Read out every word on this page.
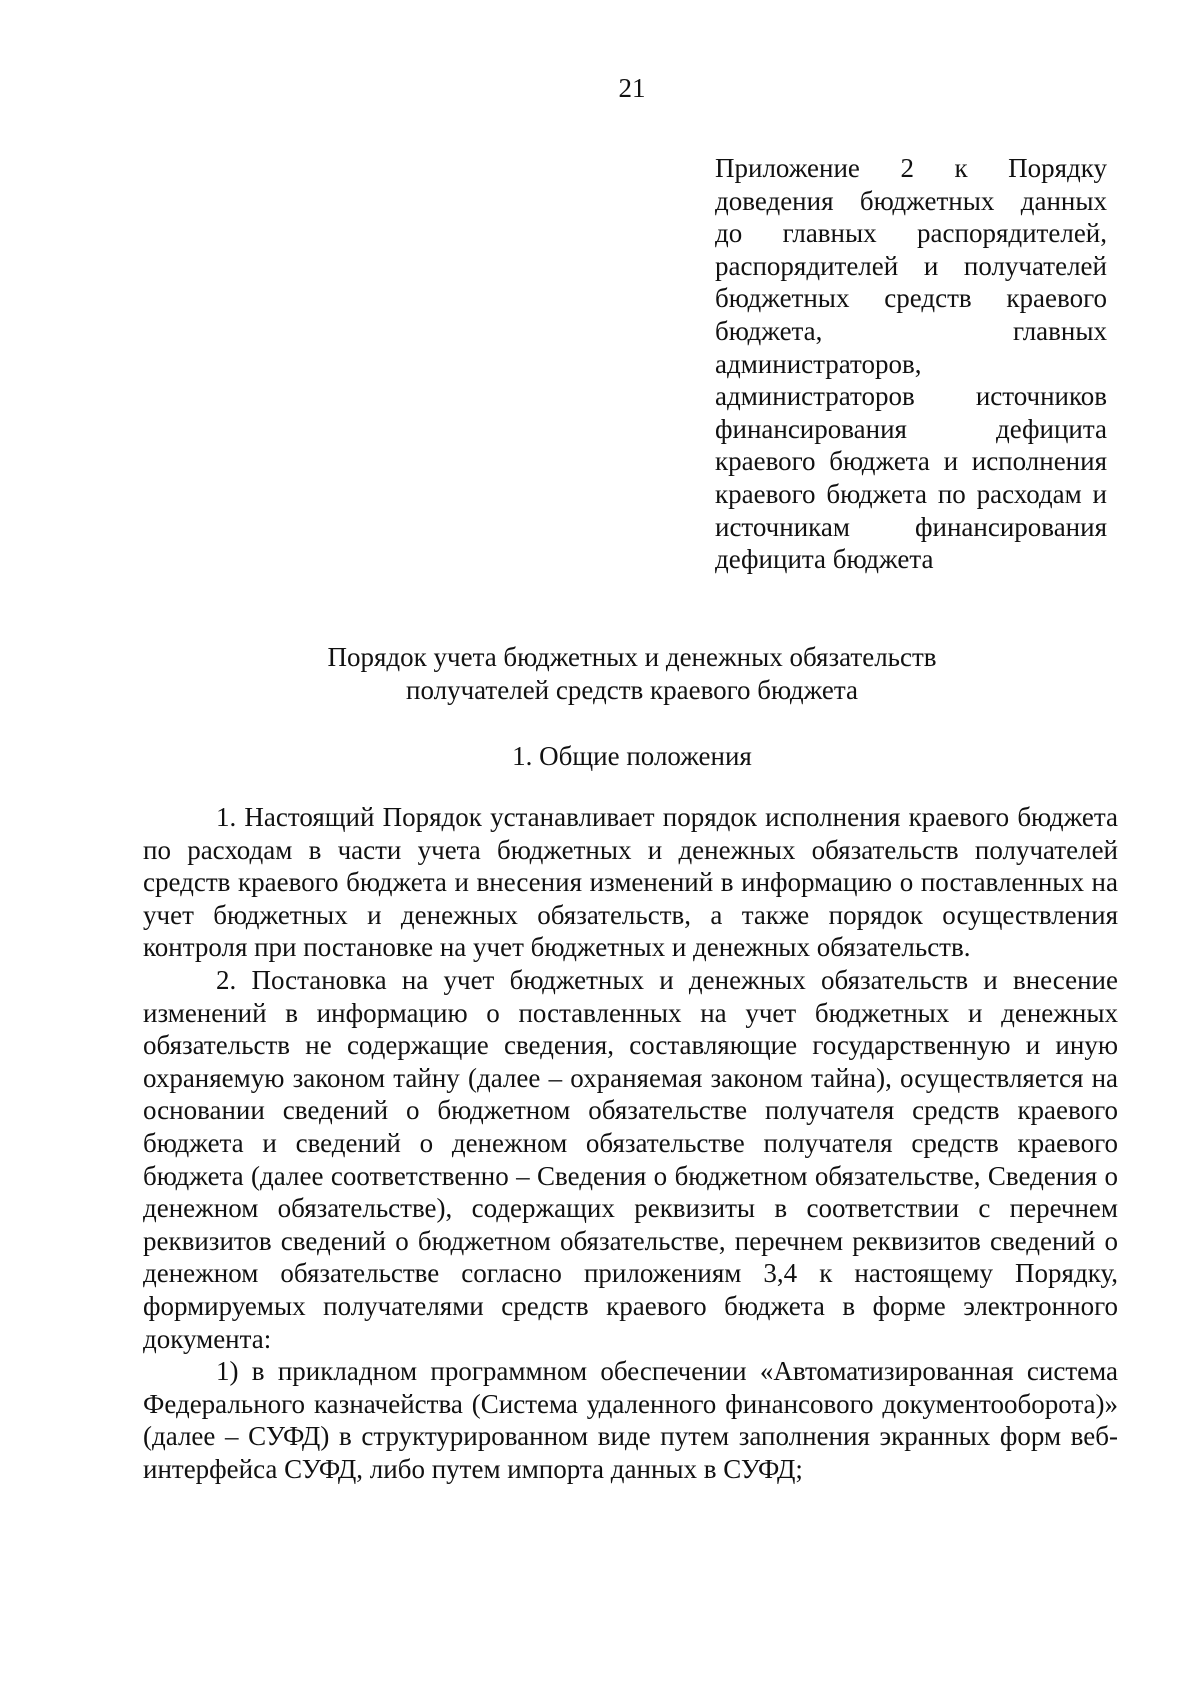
21
Приложение 2 к Порядку
доведения бюджетных данных
до главных распорядителей,
распорядителей и получателей
бюджетных средств краевого
бюджета, главных
администраторов,
администраторов источников
финансирования дефицита
краевого бюджета и исполнения
краевого бюджета по расходам и
источникам финансирования
дефицита бюджета
Порядок учета бюджетных и денежных обязательств
получателей средств краевого бюджета
1. Общие положения

1. Настоящий Порядок устанавливает порядок исполнения краевого бюджета по расходам в части учета бюджетных и денежных обязательств получателей средств краевого бюджета и внесения изменений в информацию о поставленных на учет бюджетных и денежных обязательств, а также порядок осуществления контроля при постановке на учет бюджетных и денежных обязательств.

2. Постановка на учет бюджетных и денежных обязательств и внесение изменений в информацию о поставленных на учет бюджетных и денежных обязательств не содержащие сведения, составляющие государственную и иную охраняемую законом тайну (далее – охраняемая законом тайна), осуществляется на основании сведений о бюджетном обязательстве получателя средств краевого бюджета и сведений о денежном обязательстве получателя средств краевого бюджета (далее соответственно – Сведения о бюджетном обязательстве, Сведения о денежном обязательстве), содержащих реквизиты в соответствии с перечнем реквизитов сведений о бюджетном обязательстве, перечнем реквизитов сведений о денежном обязательстве согласно приложениям 3,4 к настоящему Порядку, формируемых получателями средств краевого бюджета в форме электронного документа:

1) в прикладном программном обеспечении «Автоматизированная система Федерального казначейства (Система удаленного финансового документооборота)» (далее – СУФД) в структурированном виде путем заполнения экранных форм веб-интерфейса СУФД, либо путем импорта данных в СУФД;
